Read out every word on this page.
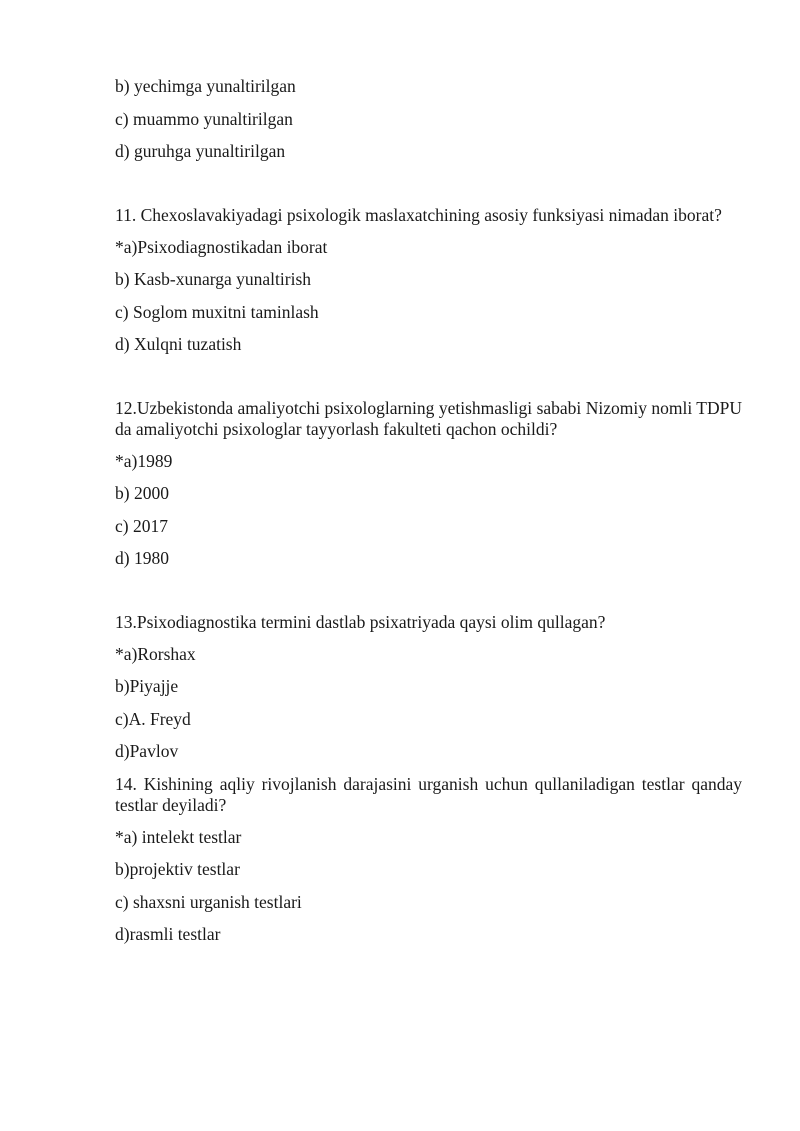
b) yechimga yunaltirilgan
c) muammo yunaltirilgan
d) guruhga yunaltirilgan
11. Chexoslavakiyadagi psixologik maslaxatchining asosiy funksiyasi nimadan iborat?
*a)Psixodiagnostikadan iborat
b) Kasb-xunarga yunaltirish
c) Soglom muxitni taminlash
d) Xulqni tuzatish
12.Uzbekistonda amaliyotchi psixologlarning yetishmasligi sababi Nizomiy nomli TDPU da amaliyotchi psixologlar tayyorlash fakulteti qachon ochildi?
*a)1989
b) 2000
c) 2017
d) 1980
13.Psixodiagnostika termini dastlab psixatriyada qaysi olim qullagan?
*a)Rorshax
b)Piyajje
c)A. Freyd
d)Pavlov
14. Kishining aqliy rivojlanish darajasini urganish uchun qullaniladigan testlar qanday testlar deyiladi?
*a) intelekt testlar
b)projektiv testlar
c) shaxsni urganish testlari
d)rasmli testlar
